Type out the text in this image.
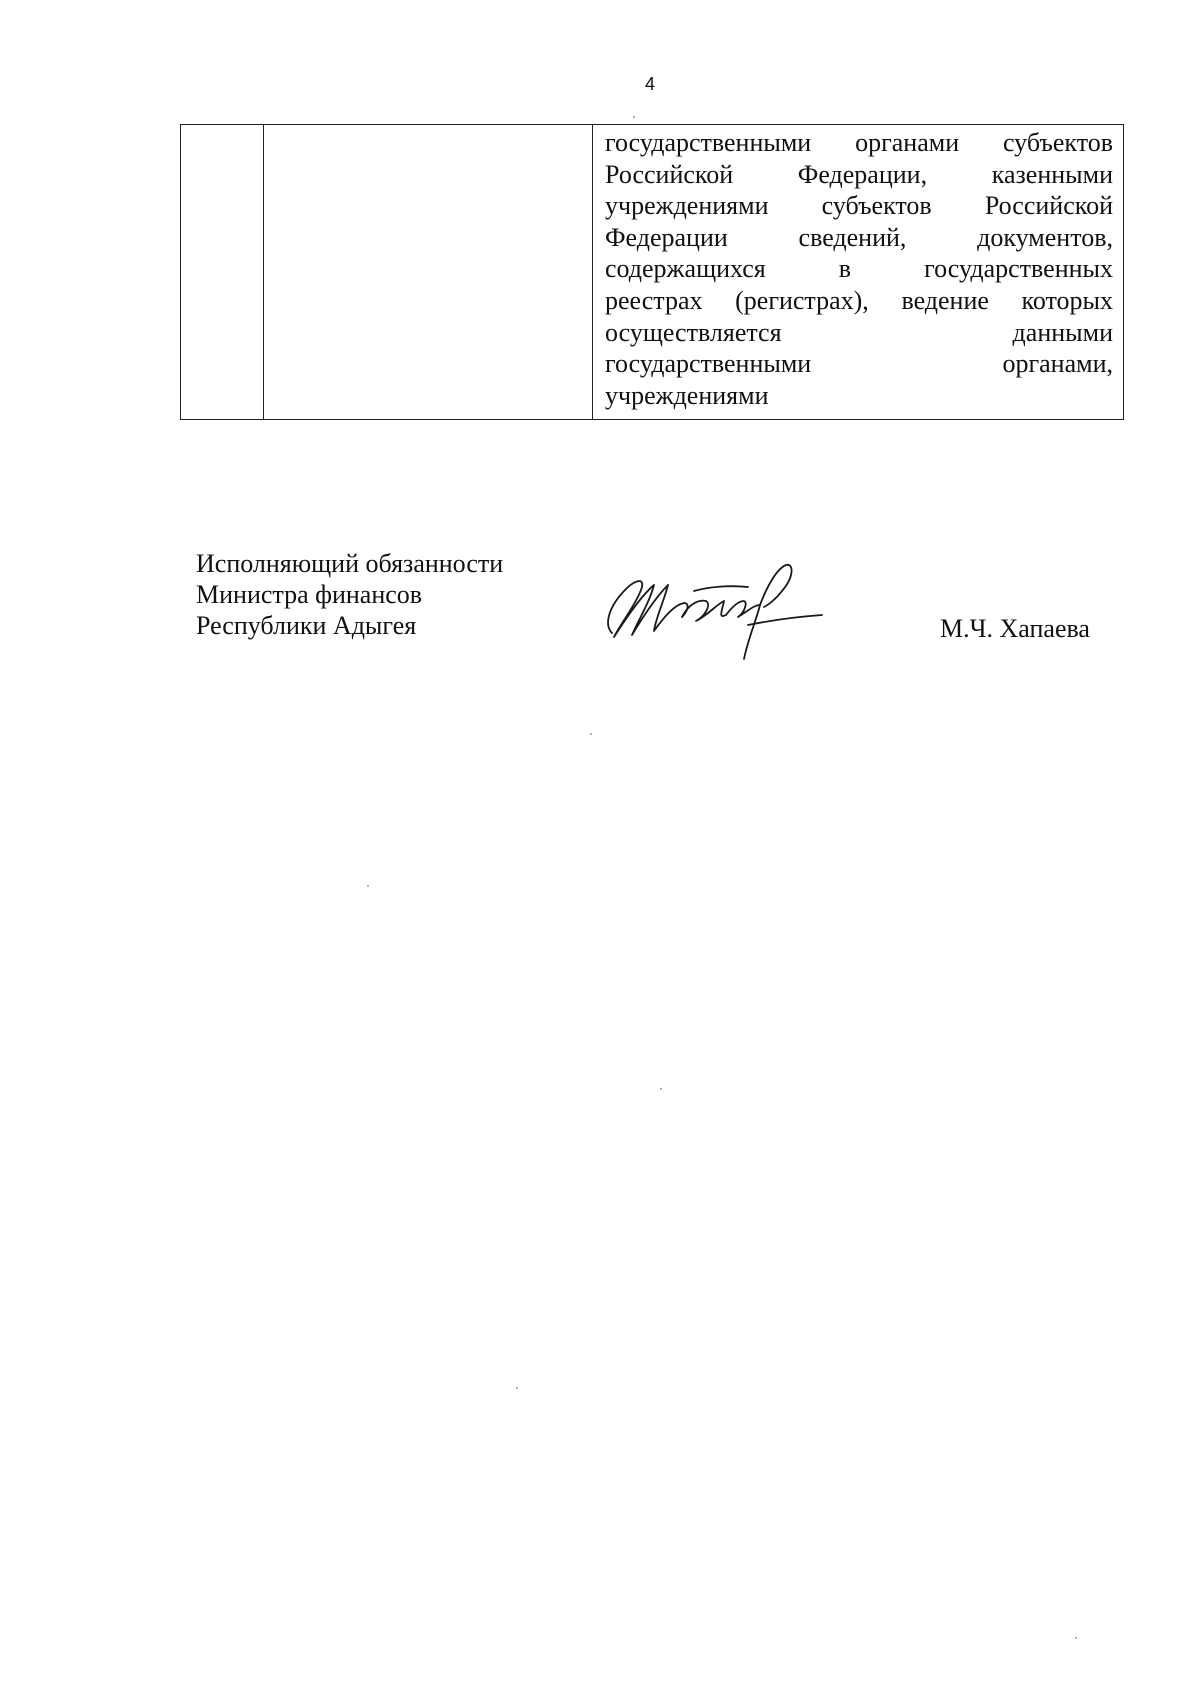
4

государственными органами субъектов
Российской Федерации, казенными
учреждениями субъектов Российской
Федерации сведений, документов,
содержащихся в государственных
реестрах (регистрах), ведение которых
осуществляется данными
государственными органами,
учреждениями
Исполняющий обязанности
Министра финансов
Республики Адыгея	М.Ч. Хапаева
